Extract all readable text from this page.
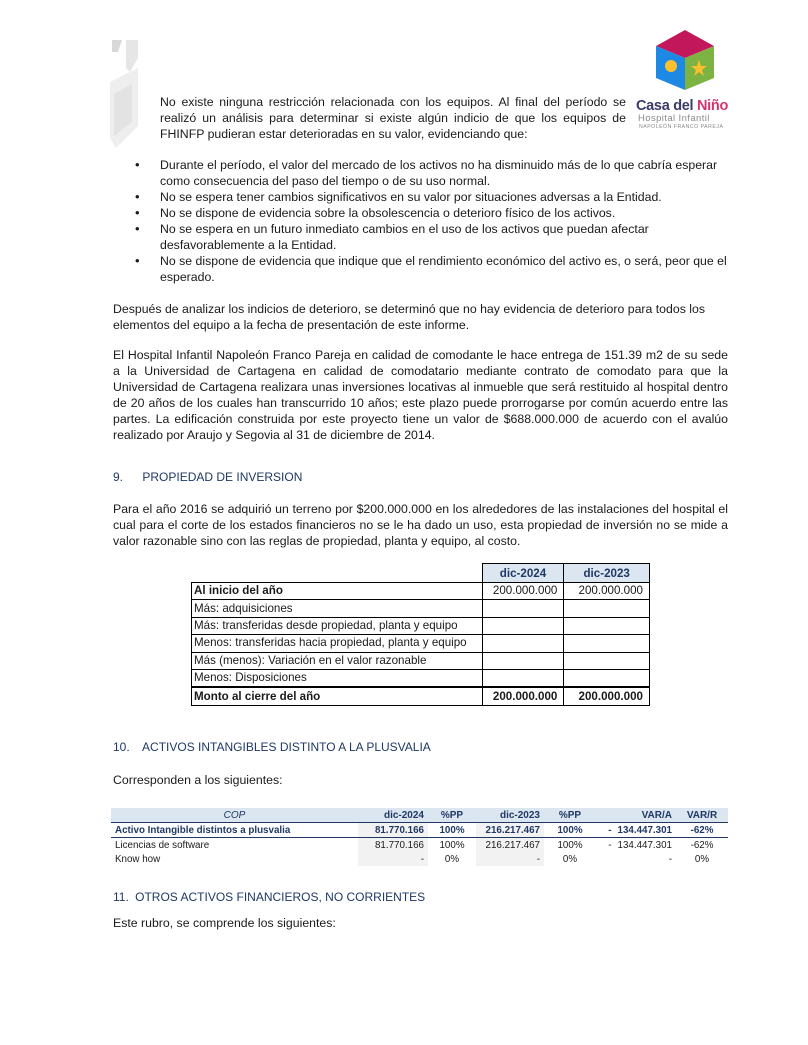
Casa del Niño
Hospital Infantil
NAPOLEÓN FRANCO PAREJA
No existe ninguna restricción relacionada con los equipos. Al final del período se realizó un análisis para determinar si existe algún indicio de que los equipos de FHINFP pudieran estar deterioradas en su valor, evidenciando que:
• Durante el período, el valor del mercado de los activos no ha disminuido más de lo que cabría esperar como consecuencia del paso del tiempo o de su uso normal.
• No se espera tener cambios significativos en su valor por situaciones adversas a la Entidad.
• No se dispone de evidencia sobre la obsolescencia o deterioro físico de los activos.
• No se espera en un futuro inmediato cambios en el uso de los activos que puedan afectar desfavorablemente a la Entidad.
• No se dispone de evidencia que indique que el rendimiento económico del activo es, o será, peor que el esperado.
Después de analizar los indicios de deterioro, se determinó que no hay evidencia de deterioro para todos los elementos del equipo a la fecha de presentación de este informe.
El Hospital Infantil Napoleón Franco Pareja en calidad de comodante le hace entrega de 151.39 m2 de su sede a la Universidad de Cartagena en calidad de comodatario mediante contrato de comodato para que la Universidad de Cartagena realizara unas inversiones locativas al inmueble que será restituido al hospital dentro de 20 años de los cuales han transcurrido 10 años; este plazo puede prorrogarse por común acuerdo entre las partes. La edificación construida por este proyecto tiene un valor de $688.000.000 de acuerdo con el avalúo realizado por Araujo y Segovia al 31 de diciembre de 2014.
9. PROPIEDAD DE INVERSION
Para el año 2016 se adquirió un terreno por $200.000.000 en los alrededores de las instalaciones del hospital el cual para el corte de los estados financieros no se le ha dado un uso, esta propiedad de inversión no se mide a valor razonable sino con las reglas de propiedad, planta y equipo, al costo.
	dic-2024	dic-2023
Al inicio del año	200.000.000	200.000.000
Más: adquisiciones		
Más: transferidas desde propiedad, planta y equipo		
Menos: transferidas hacia propiedad, planta y equipo		
Más (menos): Variación en el valor razonable		
Menos: Disposiciones		
Monto al cierre del año	200.000.000	200.000.000
10. ACTIVOS INTANGIBLES DISTINTO A LA PLUSVALIA
Corresponden a los siguientes:
COP	dic-2024	%PP	dic-2023	%PP	VAR/A	VAR/R
Activo Intangible distintos a plusvalia	81.770.166	100%	216.217.467	100%	- 134.447.301	-62%
Licencias de software	81.770.166	100%	216.217.467	100%	- 134.447.301	-62%
Know how	-	0%	-	0%	-	0%
11. OTROS ACTIVOS FINANCIEROS, NO CORRIENTES
Este rubro, se comprende los siguientes:
